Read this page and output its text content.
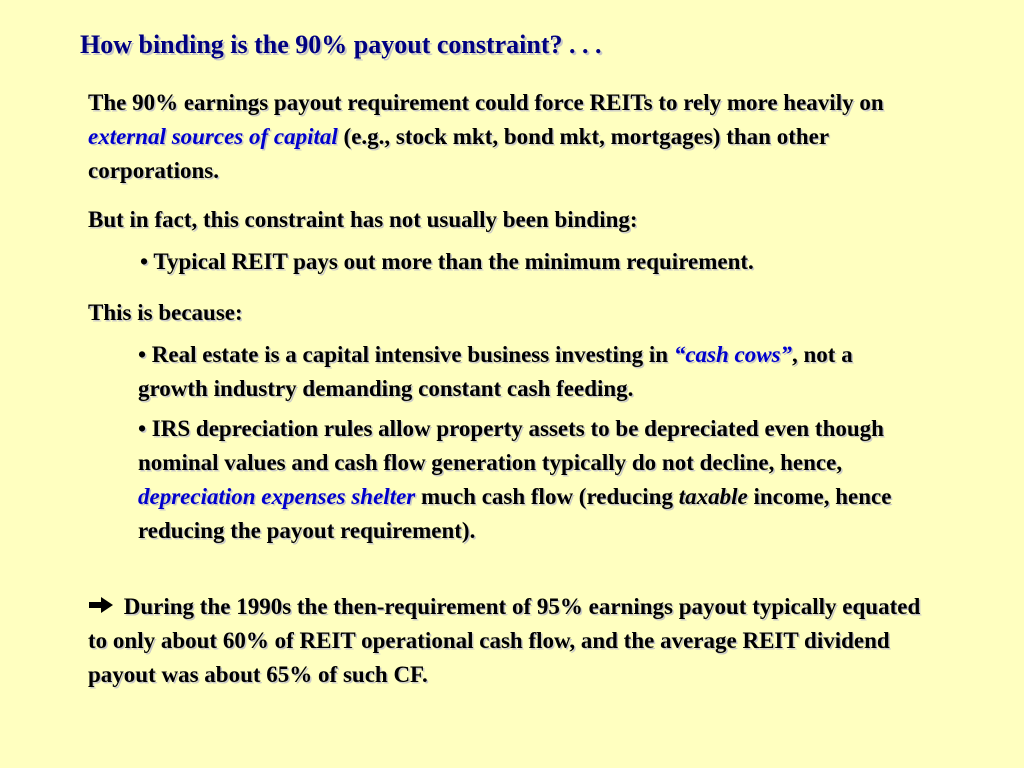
How binding is the 90% payout constraint? . . .

The 90% earnings payout requirement could force REITs to rely more heavily on external sources of capital (e.g., stock mkt, bond mkt, mortgages) than other corporations.

But in fact, this constraint has not usually been binding:

• Typical REIT pays out more than the minimum requirement.

This is because:

• Real estate is a capital intensive business investing in “cash cows”, not a growth industry demanding constant cash feeding.

• IRS depreciation rules allow property assets to be depreciated even though nominal values and cash flow generation typically do not decline, hence, depreciation expenses shelter much cash flow (reducing taxable income, hence reducing the payout requirement).

During the 1990s the then-requirement of 95% earnings payout typically equated to only about 60% of REIT operational cash flow, and the average REIT dividend payout was about 65% of such CF.
